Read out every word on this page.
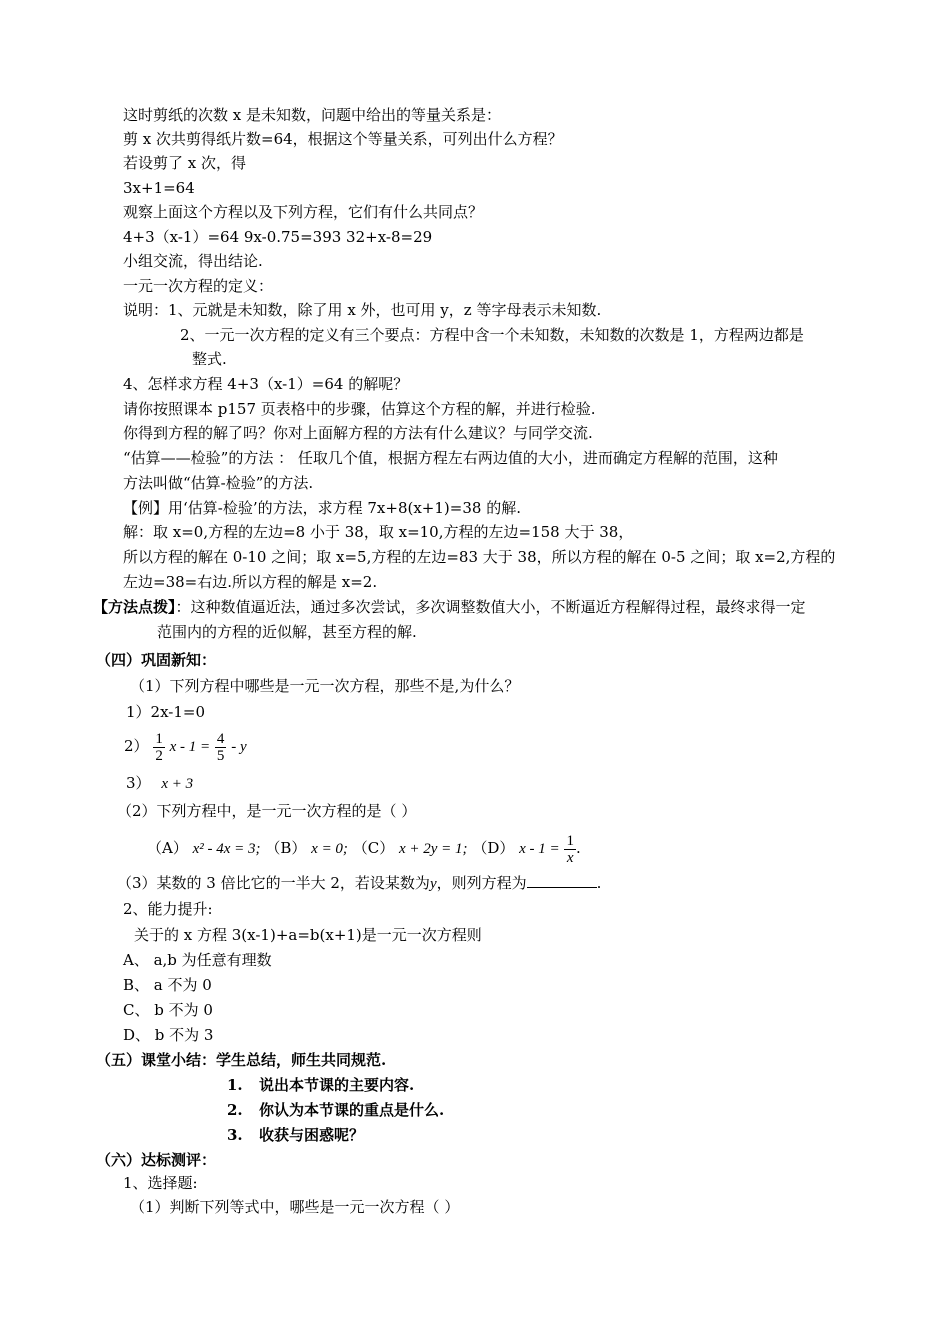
这时剪纸的次数 x 是未知数，问题中给出的等量关系是：
剪 x 次共剪得纸片数=64，根据这个等量关系，可列出什么方程？
若设剪了 x 次，得
3x+1=64
观察上面这个方程以及下列方程，它们有什么共同点？
4+3（x-1）=64 9x-0.75=393 32+x-8=29
小组交流，得出结论.
一元一次方程的定义：
说明：1、元就是未知数，除了用 x 外，也可用 y，z 等字母表示未知数.
2、一元一次方程的定义有三个要点：方程中含一个未知数，未知数的次数是 1，方程两边都是
整式.
4、怎样求方程 4+3（x-1）=64 的解呢？
请你按照课本 p157 页表格中的步骤，估算这个方程的解，并进行检验.
你得到方程的解了吗？你对上面解方程的方法有什么建议？与同学交流.
“估算——检验”的方法 ： 任取几个值，根据方程左右两边值的大小，进而确定方程解的范围，这种
方法叫做“估算-检验”的方法.
【例】用‘估算-检验’的方法，求方程 7x+8(x+1)=38 的解.
解：取 x=0,方程的左边=8 小于 38，取 x=10,方程的左边=158 大于 38，
所以方程的解在 0-10 之间；取 x=5,方程的左边=83 大于 38，所以方程的解在 0-5 之间；取 x=2,方程的
左边=38=右边.所以方程的解是 x=2.
【方法点拨】：这种数值逼近法，通过多次尝试，多次调整数值大小，不断逼近方程解得过程，最终求得一定
范围内的方程的近似解，甚至方程的解.
（四）巩固新知：
（1）下列方程中哪些是一元一次方程，那些不是,为什么？
1）2x-1=0
$2) \frac{1}{2}$ $x - 1 = \frac{4}{5} - y$
3） x + 3
（2）下列方程中，是一元一次方程的是（ ）
（A） x² - 4x = 3; （B） x = 0; （C） x + 2y = 1; （D） $x - 1 = \frac{1}{x}$ .
（3）某数的 3 倍比它的一半大 2，若设某数为y，则列方程为	.
2、能力提升:
关于的 x 方程 3(x-1)+a=b(x+1)是一元一次方程则
A、 a,b 为任意有理数
B、 a 不为 0
C、 b 不为 0
D、 b 不为 3
（五）课堂小结：学生总结，师生共同规范.
1. 说出本节课的主要内容.
2. 你认为本节课的重点是什么.
3. 收获与困惑呢？
（六）达标测评：
1、选择题:
（1）判断下列等式中，哪些是一元一次方程（ ）
